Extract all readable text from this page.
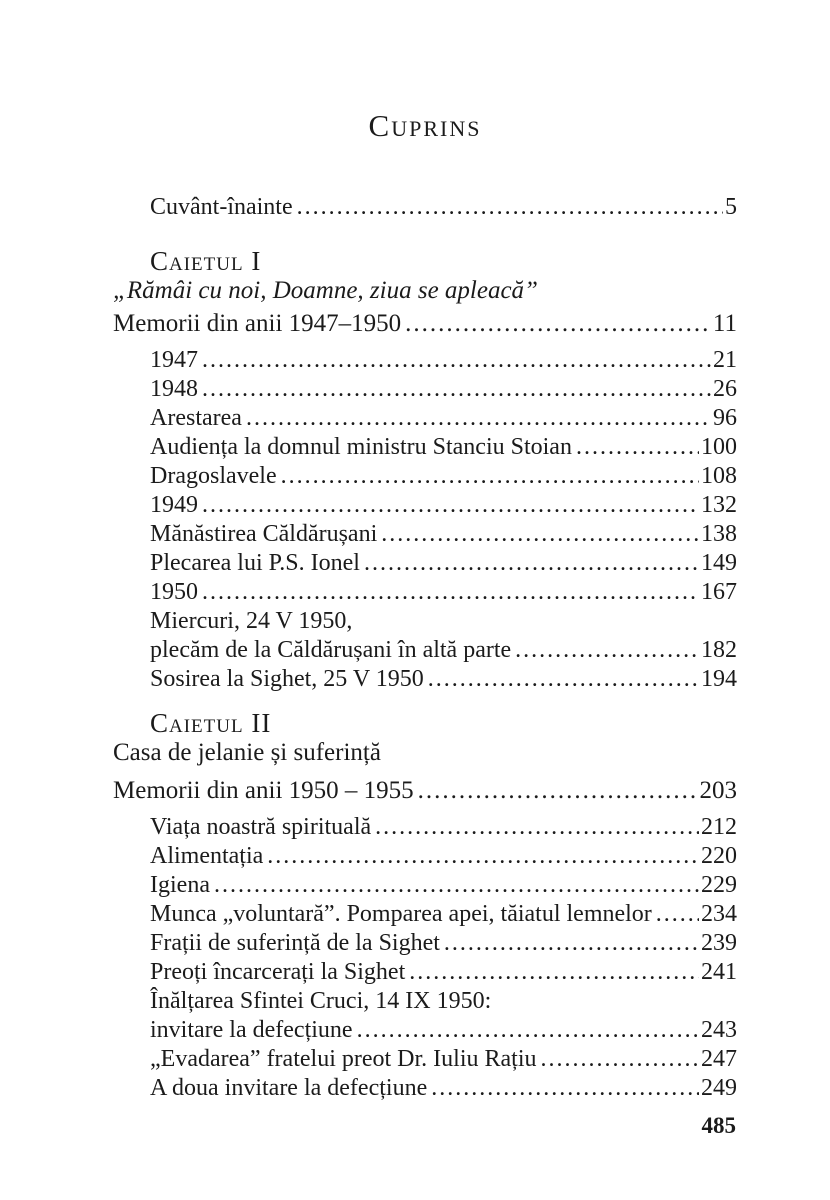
Cuprins
Cuvânt-înainte .....	5
Caietul I
„Rămâi cu noi, Doamne, ziua se apleacă”
Memorii din anii 1947–1950 .....	11
1947 .....	21
1948 .....	26
Arestarea .....	96
Audiența la domnul ministru Stanciu Stoian .....	100
Dragoslavele .....	108
1949 .....	132
Mănăstirea Căldărușani .....	138
Plecarea lui P.S. Ionel .....	149
1950 .....	167
Miercuri, 24 V 1950,
plecăm de la Căldărușani în altă parte .....	182
Sosirea la Sighet, 25 V 1950 .....	194
Caietul II
Casa de jelanie și suferință
Memorii din anii 1950 – 1955 .....	203
Viața noastră spirituală .....	212
Alimentația .....	220
Igiena .....	229
Munca „voluntară”. Pomparea apei, tăiatul lemnelor ..... 234
Frații de suferință de la Sighet .....	239
Preoți încarcerați la Sighet .....	241
Înălțarea Sfintei Cruci, 14 IX 1950:
invitare la defecțiune .....	243
„Evadarea” fratelui preot Dr. Iuliu Rațiu .....	247
A doua invitare la defecțiune .....	249
485
